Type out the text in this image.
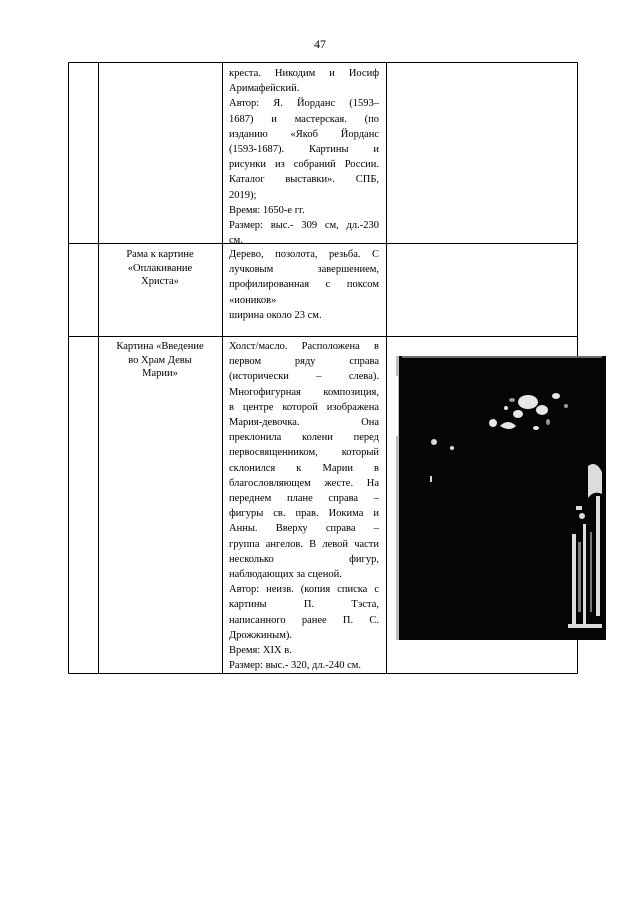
47
креста. Никодим и Иосиф
Аримафейский.
Автор: Я. Йорданс (1593–
1687) и мастерская. (по
изданию «Якоб Йорданс
(1593-1687). Картины и
рисунки из собраний России.
Каталог выставки». СПБ,
2019);
Время: 1650-е гг.
Размер: выс.- 309 см, дл.-230
см.
Рама к картине
«Оплакивание
Христа»
Дерево, позолота, резьба. С
лучковым завершением,
профилированная с поксом
«иоников»
ширина около 23 см.
Картина «Введение
во Храм Девы
Марии»
Холст/масло. Расположена в
первом ряду справа
(исторически – слева).
Многофигурная композиция,
в центре которой изображена
Мария-девочка. Она
преклонила колени перед
первосвященником, который
склонился к Марии в
благословляющем жесте. На
переднем плане справа –
фигуры св. прав. Иокима и
Анны. Вверху справа –
группа ангелов. В левой части
несколько фигур,
наблюдающих за сценой.
Автор: неизв. (копия списка с
картины П. Тэста,
написанного ранее П. С.
Дрожжиным).
Время: XIX в.
Размер: выс.- 320, дл.-240 см.
